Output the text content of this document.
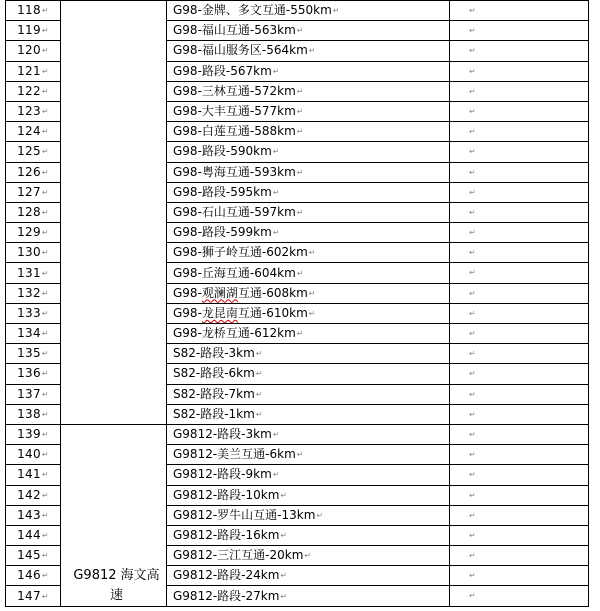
118↵		G98-金牌、多文互通-550km↵	↵

119↵		G98-福山互通-563km↵	↵

120↵		G98-福山服务区-564km↵	↵

121↵		G98-路段-567km↵	↵

122↵		G98-三林互通-572km↵	↵

123↵		G98-大丰互通-577km↵	↵

124↵		G98-白莲互通-588km↵	↵

125↵		G98-路段-590km↵	↵

126↵		G98-粤海互通-593km↵	↵

127↵		G98-路段-595km↵	↵

128↵		G98-石山互通-597km↵	↵

129↵		G98-路段-599km↵	↵

130↵		G98-狮子岭互通-602km↵	↵

131↵		G98-丘海互通-604km↵	↵

132↵		G98-观澜湖互通-608km↵	↵

133↵		G98-龙昆南互通-610km↵	↵

134↵		G98-龙桥互通-612km↵	↵

135↵		S82-路段-3km↵	↵

136↵		S82-路段-6km↵	↵

137↵		S82-路段-7km↵	↵

138↵		S82-路段-1km↵	↵

139↵	G9812 海文高速	G9812-路段-3km↵	↵

140↵		G9812-美兰互通-6km↵	↵

141↵		G9812-路段-9km↵	↵

142↵		G9812-路段-10km↵	↵

143↵		G9812-罗牛山互通-13km↵	↵

144↵		G9812-路段-16km↵	↵

145↵		G9812-三江互通-20km↵	↵

146↵		G9812-路段-24km↵	↵

147↵		G9812-路段-27km↵	↵
